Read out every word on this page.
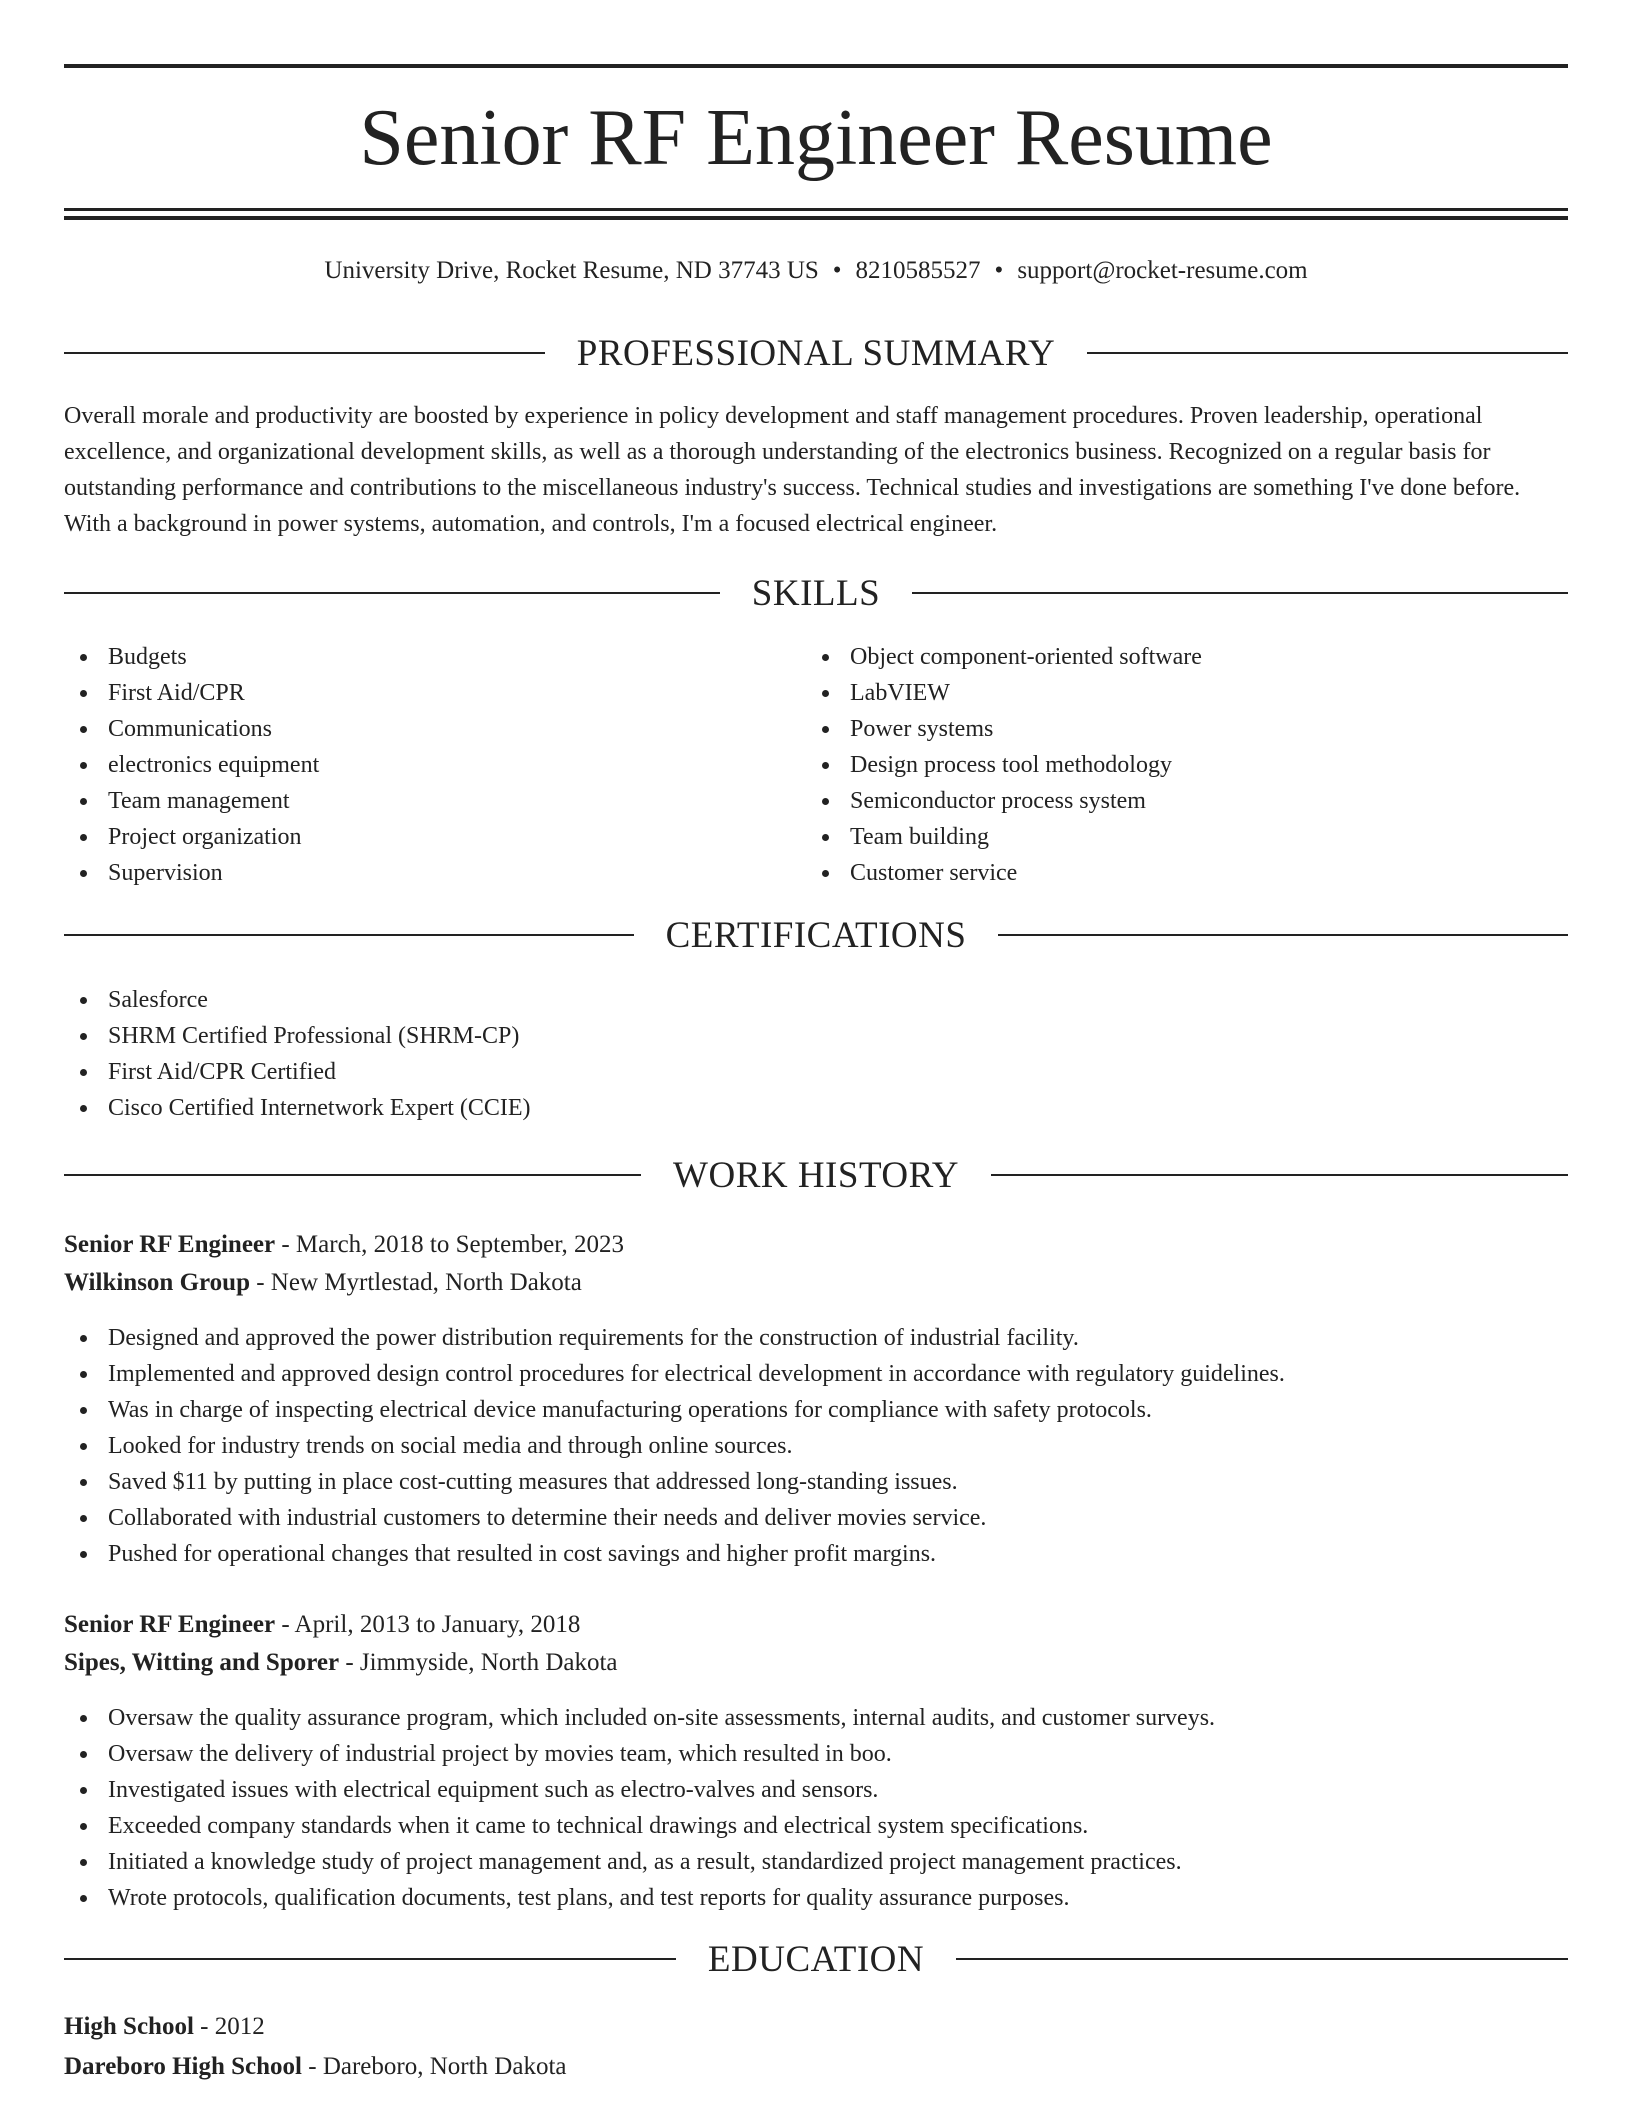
Senior RF Engineer Resume
University Drive, Rocket Resume, ND 37743 US • 8210585527 • support@rocket-resume.com
PROFESSIONAL SUMMARY

Overall morale and productivity are boosted by experience in policy development and staff management procedures. Proven leadership, operational excellence, and organizational development skills, as well as a thorough understanding of the electronics business. Recognized on a regular basis for outstanding performance and contributions to the miscellaneous industry's success. Technical studies and investigations are something I've done before. With a background in power systems, automation, and controls, I'm a focused electrical engineer.

SKILLS
Budgets
First Aid/CPR
Communications
electronics equipment
Team management
Project organization
Supervision
Object component-oriented software
LabVIEW
Power systems
Design process tool methodology
Semiconductor process system
Team building
Customer service
CERTIFICATIONS
Salesforce
SHRM Certified Professional (SHRM-CP)
First Aid/CPR Certified
Cisco Certified Internetwork Expert (CCIE)
WORK HISTORY
Senior RF Engineer - March, 2018 to September, 2023
Wilkinson Group - New Myrtlestad, North Dakota
Designed and approved the power distribution requirements for the construction of industrial facility.
Implemented and approved design control procedures for electrical development in accordance with regulatory guidelines.
Was in charge of inspecting electrical device manufacturing operations for compliance with safety protocols.
Looked for industry trends on social media and through online sources.
Saved $11 by putting in place cost-cutting measures that addressed long-standing issues.
Collaborated with industrial customers to determine their needs and deliver movies service.
Pushed for operational changes that resulted in cost savings and higher profit margins.
Senior RF Engineer - April, 2013 to January, 2018
Sipes, Witting and Sporer - Jimmyside, North Dakota
Oversaw the quality assurance program, which included on-site assessments, internal audits, and customer surveys.
Oversaw the delivery of industrial project by movies team, which resulted in boo.
Investigated issues with electrical equipment such as electro-valves and sensors.
Exceeded company standards when it came to technical drawings and electrical system specifications.
Initiated a knowledge study of project management and, as a result, standardized project management practices.
Wrote protocols, qualification documents, test plans, and test reports for quality assurance purposes.
EDUCATION
High School - 2012
Dareboro High School - Dareboro, North Dakota
